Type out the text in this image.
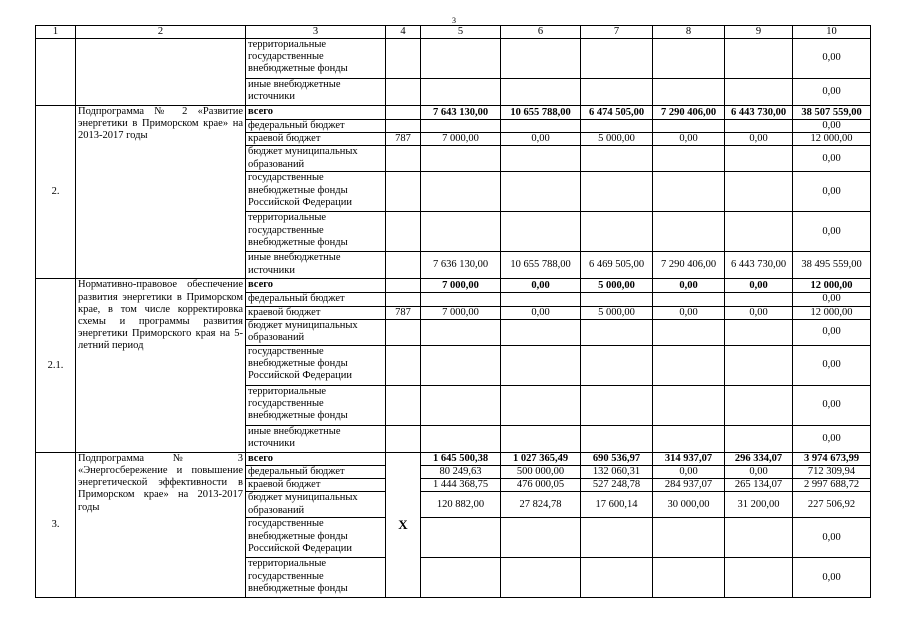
3
1	2	3	4	5	6	7	8	9	10
		территориальные государственные внебюджетные фонды							0,00
		иные внебюджетные источники							0,00
2.	Подпрограмма № 2 «Развитие энергетики в Приморском крае» на 2013-2017 годы	всего		7 643 130,00	10 655 788,00	6 474 505,00	7 290 406,00	6 443 730,00	38 507 559,00
		федеральный бюджет							0,00
		краевой бюджет	787	7 000,00	0,00	5 000,00	0,00	0,00	12 000,00
		бюджет муниципальных образований							0,00
		государственные внебюджетные фонды Российской Федерации							0,00
		территориальные государственные внебюджетные фонды							0,00
		иные внебюджетные источники		7 636 130,00	10 655 788,00	6 469 505,00	7 290 406,00	6 443 730,00	38 495 559,00
2.1.	Нормативно-правовое обеспечение развития энергетики в Приморском крае, в том числе корректировка схемы и программы развития энергетики Приморского края на 5-летний период	всего		7 000,00	0,00	5 000,00	0,00	0,00	12 000,00
		федеральный бюджет							0,00
		краевой бюджет	787	7 000,00	0,00	5 000,00	0,00	0,00	12 000,00
		бюджет муниципальных образований							0,00
		государственные внебюджетные фонды Российской Федерации							0,00
		территориальные государственные внебюджетные фонды							0,00
		иные внебюджетные источники							0,00
3.	Подпрограмма № 3 «Энергосбережение и повышение энергетической эффективности в Приморском крае» на 2013-2017 годы	всего	X	1 645 500,38	1 027 365,49	690 536,97	314 937,07	296 334,07	3 974 673,99
		федеральный бюджет		80 249,63	500 000,00	132 060,31	0,00	0,00	712 309,94
		краевой бюджет		1 444 368,75	476 000,05	527 248,78	284 937,07	265 134,07	2 997 688,72
		бюджет муниципальных образований		120 882,00	27 824,78	17 600,14	30 000,00	31 200,00	227 506,92
		государственные внебюджетные фонды Российской Федерации							0,00
		территориальные государственные внебюджетные фонды							0,00
